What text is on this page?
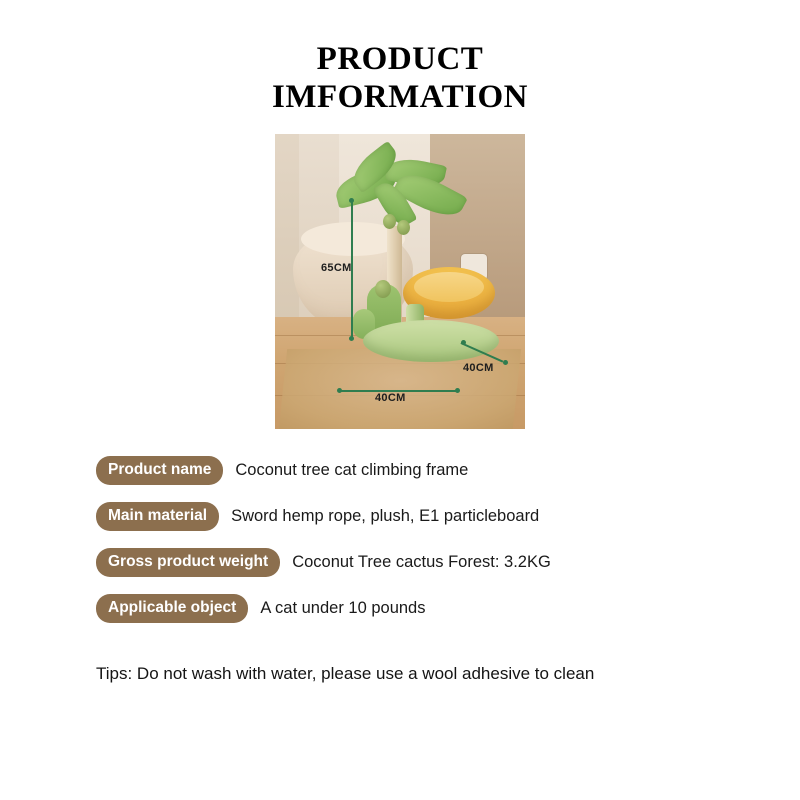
PRODUCT
IMFORMATION
65CM
40CM
40CM
Product name	Coconut tree cat climbing frame
Main material	Sword hemp rope, plush, E1 particleboard
Gross product weight	Coconut Tree cactus Forest: 3.2KG
Applicable object	A cat under 10 pounds
Tips: Do not wash with water, please use a wool adhesive to clean
